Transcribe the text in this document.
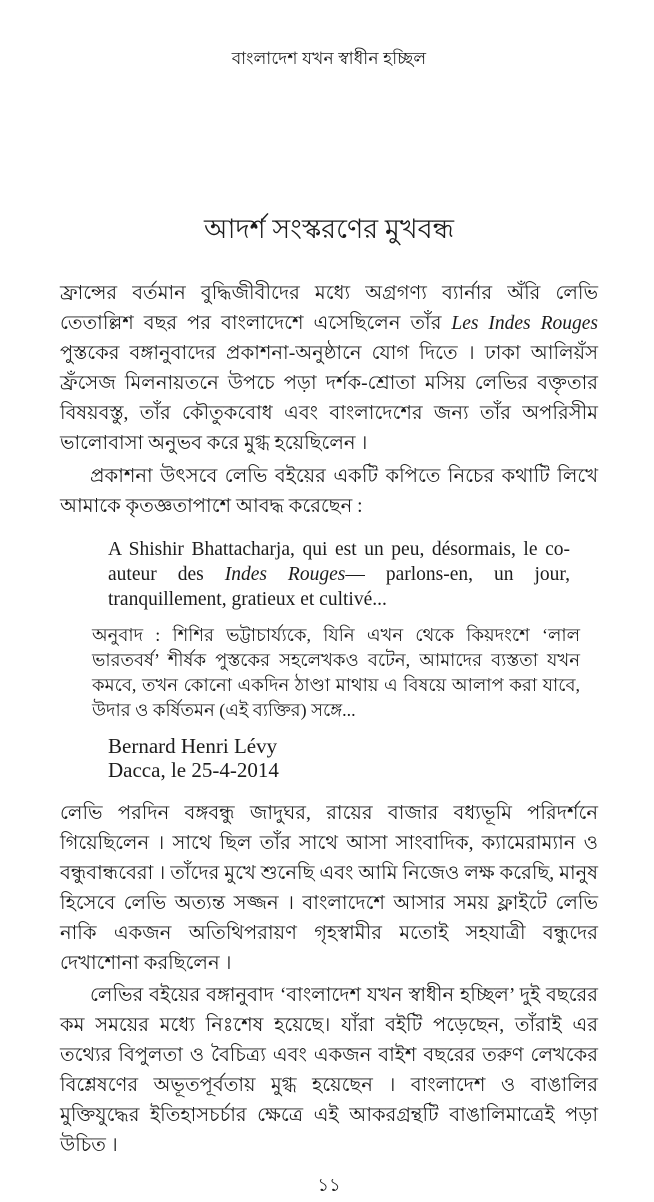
বাংলাদেশ যখন স্বাধীন হচ্ছিল
আদর্শ সংস্করণের মুখবন্ধ

ফ্রান্সের বর্তমান বুদ্ধিজীবীদের মধ্যে অগ্রগণ্য ব্যার্নার অঁরি লেভি তেতাল্লিশ বছর পর বাংলাদেশে এসেছিলেন তাঁর Les Indes Rouges পুস্তকের বঙ্গানুবাদের প্রকাশনা-অনুষ্ঠানে যোগ দিতে । ঢাকা আলিয়ঁস ফ্রঁসেজ মিলনায়তনে উপচে পড়া দর্শক-শ্রোতা মসিয় লেভির বক্তৃতার বিষয়বস্তু, তাঁর কৌতুকবোধ এবং বাংলাদেশের জন্য তাঁর অপরিসীম ভালোবাসা অনুভব করে মুগ্ধ হয়েছিলেন ।

প্রকাশনা উৎসবে লেভি বইয়ের একটি কপিতে নিচের কথাটি লিখে আমাকে কৃতজ্ঞতাপাশে আবদ্ধ করেছেন :

A Shishir Bhattacharja, qui est un peu, désormais, le co-auteur des Indes Rouges— parlons-en, un jour, tranquillement, gratieux et cultivé...
অনুবাদ : শিশির ভট্টাচার্য্যকে, যিনি এখন থেকে কিয়দংশে ‘লাল ভারতবর্ষ’ শীর্ষক পুস্তকের সহলেখকও বটেন, আমাদের ব্যস্ততা যখন কমবে, তখন কোনো একদিন ঠাণ্ডা মাথায় এ বিষয়ে আলাপ করা যাবে, উদার ও কর্ষিতমন (এই ব্যক্তির) সঙ্গে...
Bernard Henri Lévy
Dacca, le 25-4-2014

লেভি পরদিন বঙ্গবন্ধু জাদুঘর, রায়ের বাজার বধ্যভূমি পরিদর্শনে গিয়েছিলেন । সাথে ছিল তাঁর সাথে আসা সাংবাদিক, ক্যামেরাম্যান ও বন্ধুবান্ধবেরা । তাঁদের মুখে শুনেছি এবং আমি নিজেও লক্ষ করেছি, মানুষ হিসেবে লেভি অত্যন্ত সজ্জন । বাংলাদেশে আসার সময় ফ্লাইটে লেভি নাকি একজন অতিথিপরায়ণ গৃহস্বামীর মতোই সহযাত্রী বন্ধুদের দেখাশোনা করছিলেন ।

লেভির বইয়ের বঙ্গানুবাদ ‘বাংলাদেশ যখন স্বাধীন হচ্ছিল’ দুই বছরের কম সময়ের মধ্যে নিঃশেষ হয়েছে। যাঁরা বইটি পড়েছেন, তাঁরাই এর তথ্যের বিপুলতা ও বৈচিত্র্য এবং একজন বাইশ বছরের তরুণ লেখকের বিশ্লেষণের অভূতপূর্বতায় মুগ্ধ হয়েছেন । বাংলাদেশ ও বাঙালির মুক্তিযুদ্ধের ইতিহাসচর্চার ক্ষেত্রে এই আকরগ্রন্থটি বাঙালিমাত্রেই পড়া উচিত ।

১১
